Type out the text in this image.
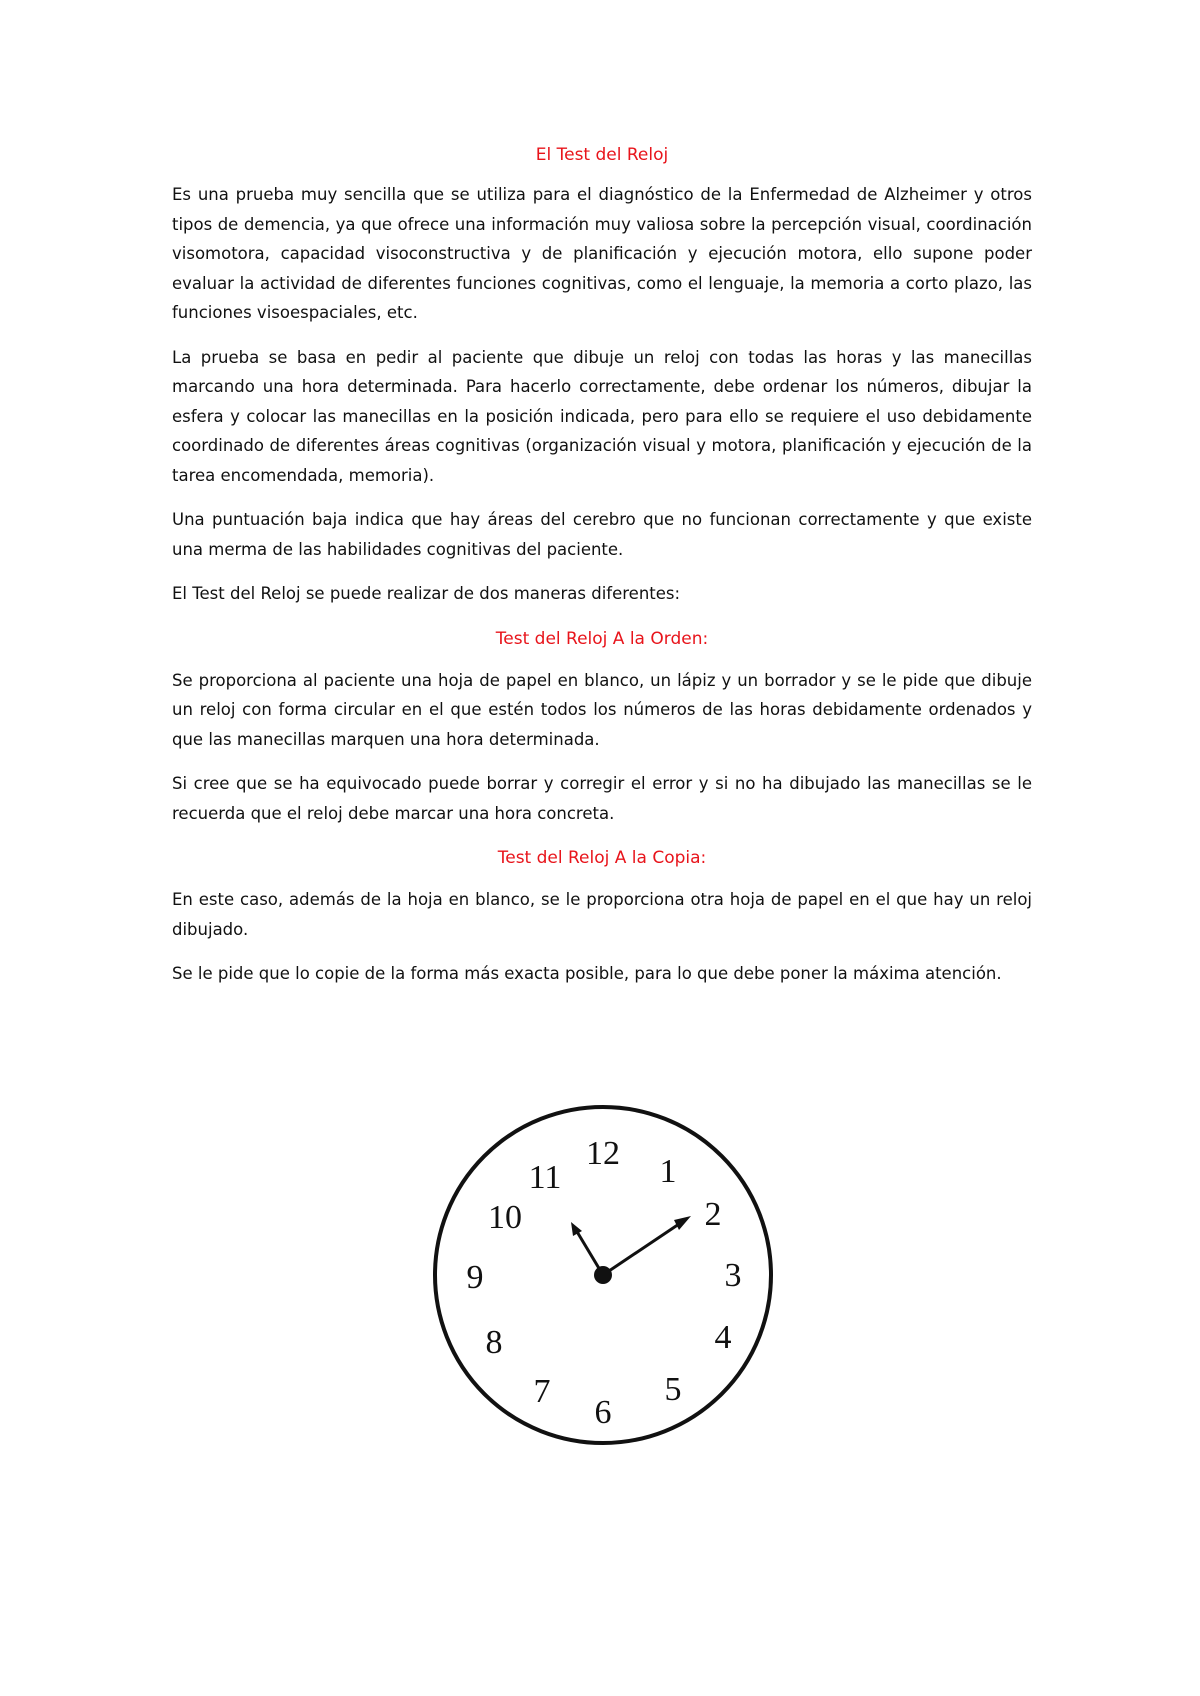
El Test del Reloj

Es una prueba muy sencilla que se utiliza para el diagnóstico de la Enfermedad de Alzheimer y otros tipos de demencia, ya que ofrece una información muy valiosa sobre la percepción visual, coordinación visomotora, capacidad visoconstructiva y de planificación y ejecución motora, ello supone poder evaluar la actividad de diferentes funciones cognitivas, como el lenguaje, la memoria a corto plazo, las funciones visoespaciales, etc.

La prueba se basa en pedir al paciente que dibuje un reloj con todas las horas y las manecillas marcando una hora determinada. Para hacerlo correctamente, debe ordenar los números, dibujar la esfera y colocar las manecillas en la posición indicada, pero para ello se requiere el uso debidamente coordinado de diferentes áreas cognitivas (organización visual y motora, planificación y ejecución de la tarea encomendada, memoria).

Una puntuación baja indica que hay áreas del cerebro que no funcionan correctamente y que existe una merma de las habilidades cognitivas del paciente.

El Test del Reloj se puede realizar de dos maneras diferentes:

Test del Reloj A la Orden:

Se proporciona al paciente una hoja de papel en blanco, un lápiz y un borrador y se le pide que dibuje un reloj con forma circular en el que estén todos los números de las horas debidamente ordenados y que las manecillas marquen una hora determinada.

Si cree que se ha equivocado puede borrar y corregir el error y si no ha dibujado las manecillas se le recuerda que el reloj debe marcar una hora concreta.

Test del Reloj A la Copia:

En este caso, además de la hoja en blanco, se le proporciona otra hoja de papel en el que hay un reloj dibujado.

Se le pide que lo copie de la forma más exacta posible, para lo que debe poner la máxima atención.

12 1
2
3
4
5
6
7
8
9
10
11
